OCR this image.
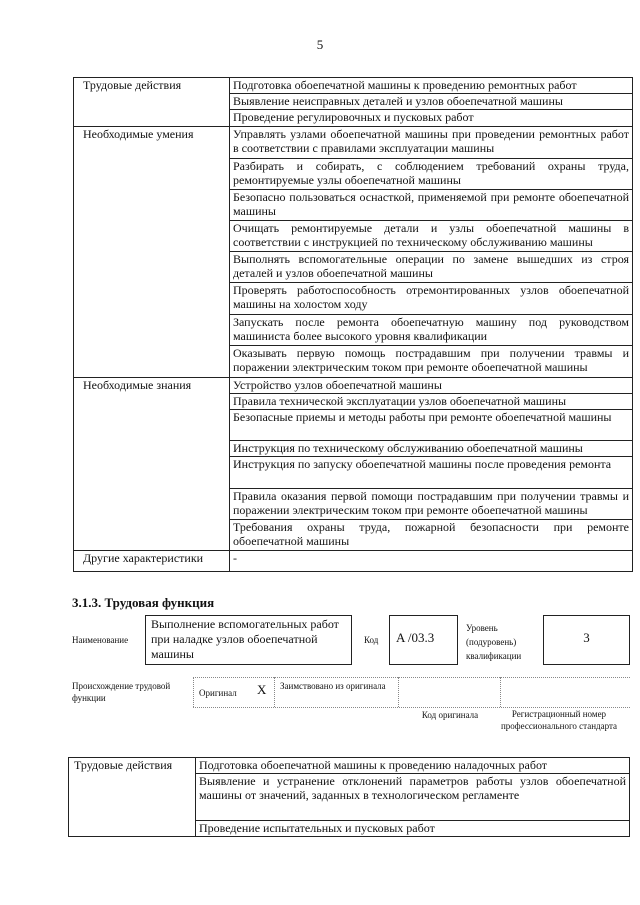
5
Трудовые действия	Подготовка обоепечатной машины к проведению ремонтных работ
	Выявление неисправных деталей и узлов обоепечатной машины
	Проведение регулировочных и пусковых работ
Необходимые умения	Управлять узлами обоепечатной машины при проведении ремонтных работ в соответствии с правилами эксплуатации машины
	Разбирать и собирать, с соблюдением требований охраны труда, ремонтируемые узлы обоепечатной машины
	Безопасно пользоваться оснасткой, применяемой при ремонте обоепечатной машины
	Очищать ремонтируемые детали и узлы обоепечатной машины в соответствии с инструкцией по техническому обслуживанию машины
	Выполнять вспомогательные операции по замене вышедших из строя деталей и узлов обоепечатной машины
	Проверять работоспособность отремонтированных узлов обоепечатной машины на холостом ходу
	Запускать после ремонта обоепечатную машину под руководством машиниста более высокого уровня квалификации
	Оказывать первую помощь пострадавшим при получении травмы и поражении электрическим током при ремонте обоепечатной машины
Необходимые знания	Устройство узлов обоепечатной машины
	Правила технической эксплуатации узлов обоепечатной машины
	Безопасные приемы и методы работы при ремонте обоепечатной машины
	Инструкция по техническому обслуживанию обоепечатной машины
	Инструкция по запуску обоепечатной машины после проведения ремонта
	Правила оказания первой помощи пострадавшим при получении травмы и поражении электрическим током при ремонте обоепечатной машины
	Требования охраны труда, пожарной безопасности при ремонте обоепечатной машины
Другие характеристики	-
3.1.3. Трудовая функция
Наименование
Выполнение вспомогательных работ при наладке узлов обоепечатной машины
Код A /03.3
Уровень (подуровень) квалификации
3
Происхождение трудовой функции	Оригинал X Заимствовано из оригинала
Код оригинала	Регистрационный номер профессионального стандарта
Трудовые действия	Подготовка обоепечатной машины к проведению наладочных работ
Выявление и устранение отклонений параметров работы узлов обоепечатной машины от значений, заданных в технологическом регламенте
Проведение испытательных и пусковых работ
